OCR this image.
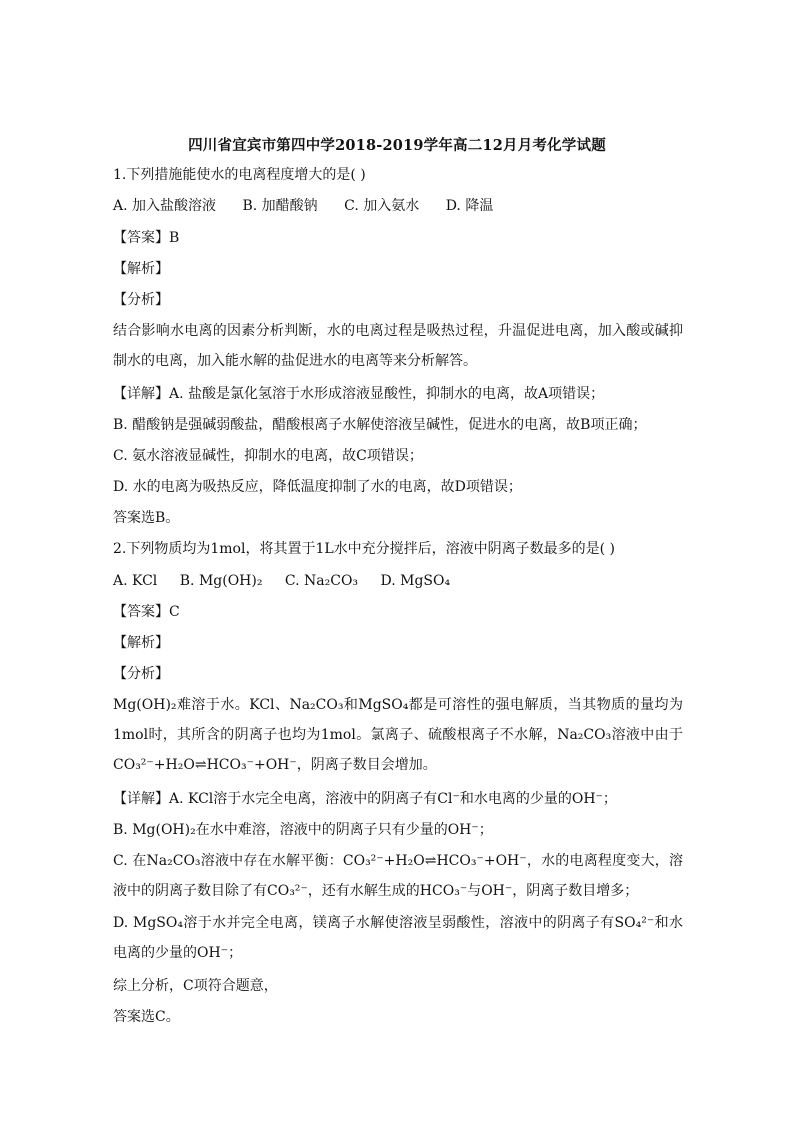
四川省宜宾市第四中学2018-2019学年高二12月月考化学试题
1.下列措施能使水的电离程度增大的是( )
A. 加入盐酸溶液 B. 加醋酸钠 C. 加入氨水 D. 降温
【答案】B
【解析】
【分析】
结合影响水电离的因素分析判断，水的电离过程是吸热过程，升温促进电离，加入酸或碱抑制水的电离，加入能水解的盐促进水的电离等来分析解答。
【详解】A. 盐酸是氯化氢溶于水形成溶液显酸性，抑制水的电离，故A项错误；
B. 醋酸钠是强碱弱酸盐，醋酸根离子水解使溶液呈碱性，促进水的电离，故B项正确；
C. 氨水溶液显碱性，抑制水的电离，故C项错误；
D. 水的电离为吸热反应，降低温度抑制了水的电离，故D项错误；
答案选B。
2.下列物质均为1mol，将其置于1L水中充分搅拌后，溶液中阴离子数最多的是( )
A. KCl B. Mg(OH)₂ C. Na₂CO₃ D. MgSO₄
【答案】C
【解析】
【分析】
Mg(OH)₂难溶于水。KCl、Na₂CO₃和MgSO₄都是可溶性的强电解质，当其物质的量均为1mol时，其所含的阴离子也均为1mol。氯离子、硫酸根离子不水解，Na₂CO₃溶液中由于CO₃²⁻+H₂O⇌HCO₃⁻+OH⁻，阴离子数目会增加。
【详解】A. KCl溶于水完全电离，溶液中的阴离子有Cl⁻和水电离的少量的OH⁻；
B. Mg(OH)₂在水中难溶，溶液中的阴离子只有少量的OH⁻；
C. 在Na₂CO₃溶液中存在水解平衡：CO₃²⁻+H₂O⇌HCO₃⁻+OH⁻，水的电离程度变大，溶液中的阴离子数目除了有CO₃²⁻，还有水解生成的HCO₃⁻与OH⁻，阴离子数目增多；
D. MgSO₄溶于水并完全电离，镁离子水解使溶液呈弱酸性，溶液中的阴离子有SO₄²⁻和水电离的少量的OH⁻；
综上分析，C项符合题意，
答案选C。
